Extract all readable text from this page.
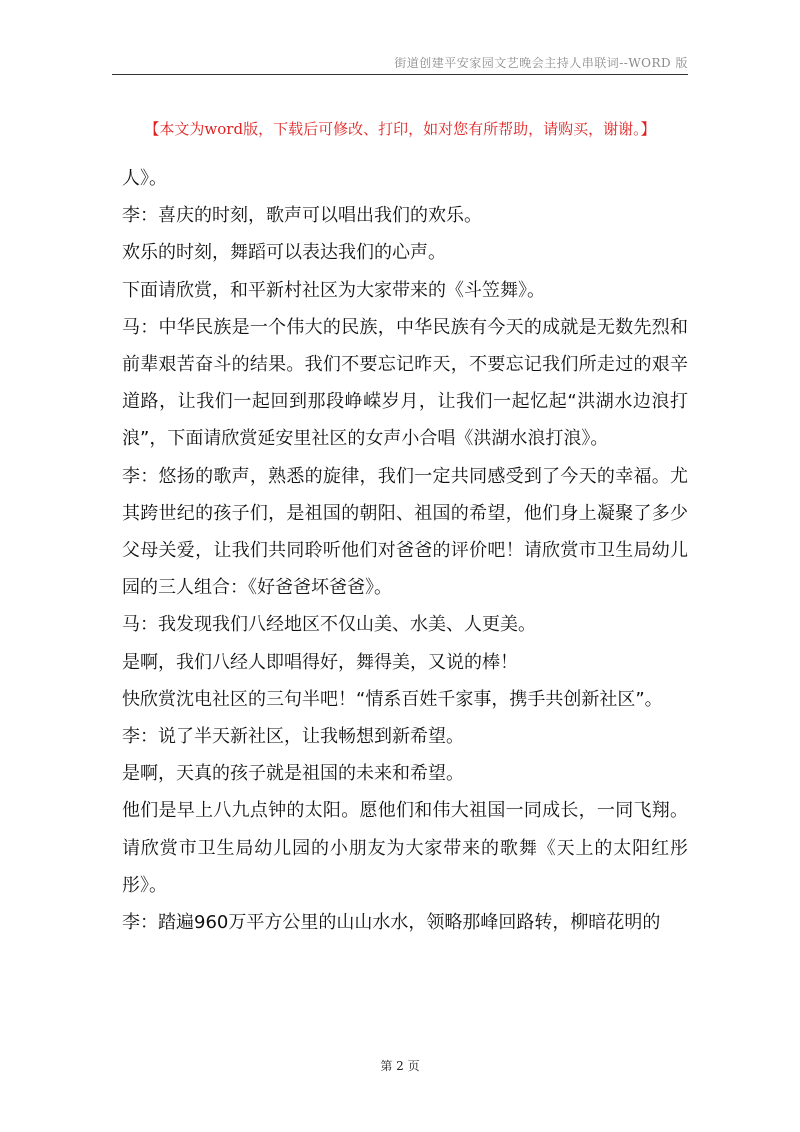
街道创建平安家园文艺晚会主持人串联词--WORD 版
【本文为word版，下载后可修改、打印，如对您有所帮助，请购买，谢谢。】

人》。

李：喜庆的时刻，歌声可以唱出我们的欢乐。

欢乐的时刻，舞蹈可以表达我们的心声。

下面请欣赏，和平新村社区为大家带来的《斗笠舞》。

马：中华民族是一个伟大的民族，中华民族有今天的成就是无数先烈和前辈艰苦奋斗的结果。我们不要忘记昨天，不要忘记我们所走过的艰辛道路，让我们一起回到那段峥嵘岁月，让我们一起忆起“洪湖水边浪打浪”，下面请欣赏延安里社区的女声小合唱《洪湖水浪打浪》。

李：悠扬的歌声，熟悉的旋律，我们一定共同感受到了今天的幸福。尤其跨世纪的孩子们，是祖国的朝阳、祖国的希望，他们身上凝聚了多少父母关爱，让我们共同聆听他们对爸爸的评价吧！请欣赏市卫生局幼儿园的三人组合：《好爸爸坏爸爸》。

马：我发现我们八经地区不仅山美、水美、人更美。

是啊，我们八经人即唱得好，舞得美，又说的棒！

快欣赏沈电社区的三句半吧！“情系百姓千家事，携手共创新社区”。

李：说了半天新社区，让我畅想到新希望。

是啊，天真的孩子就是祖国的未来和希望。

他们是早上八九点钟的太阳。愿他们和伟大祖国一同成长，一同飞翔。请欣赏市卫生局幼儿园的小朋友为大家带来的歌舞《天上的太阳红彤彤》。

李：踏遍960万平方公里的山山水水，领略那峰回路转，柳暗花明的

第 2 页
